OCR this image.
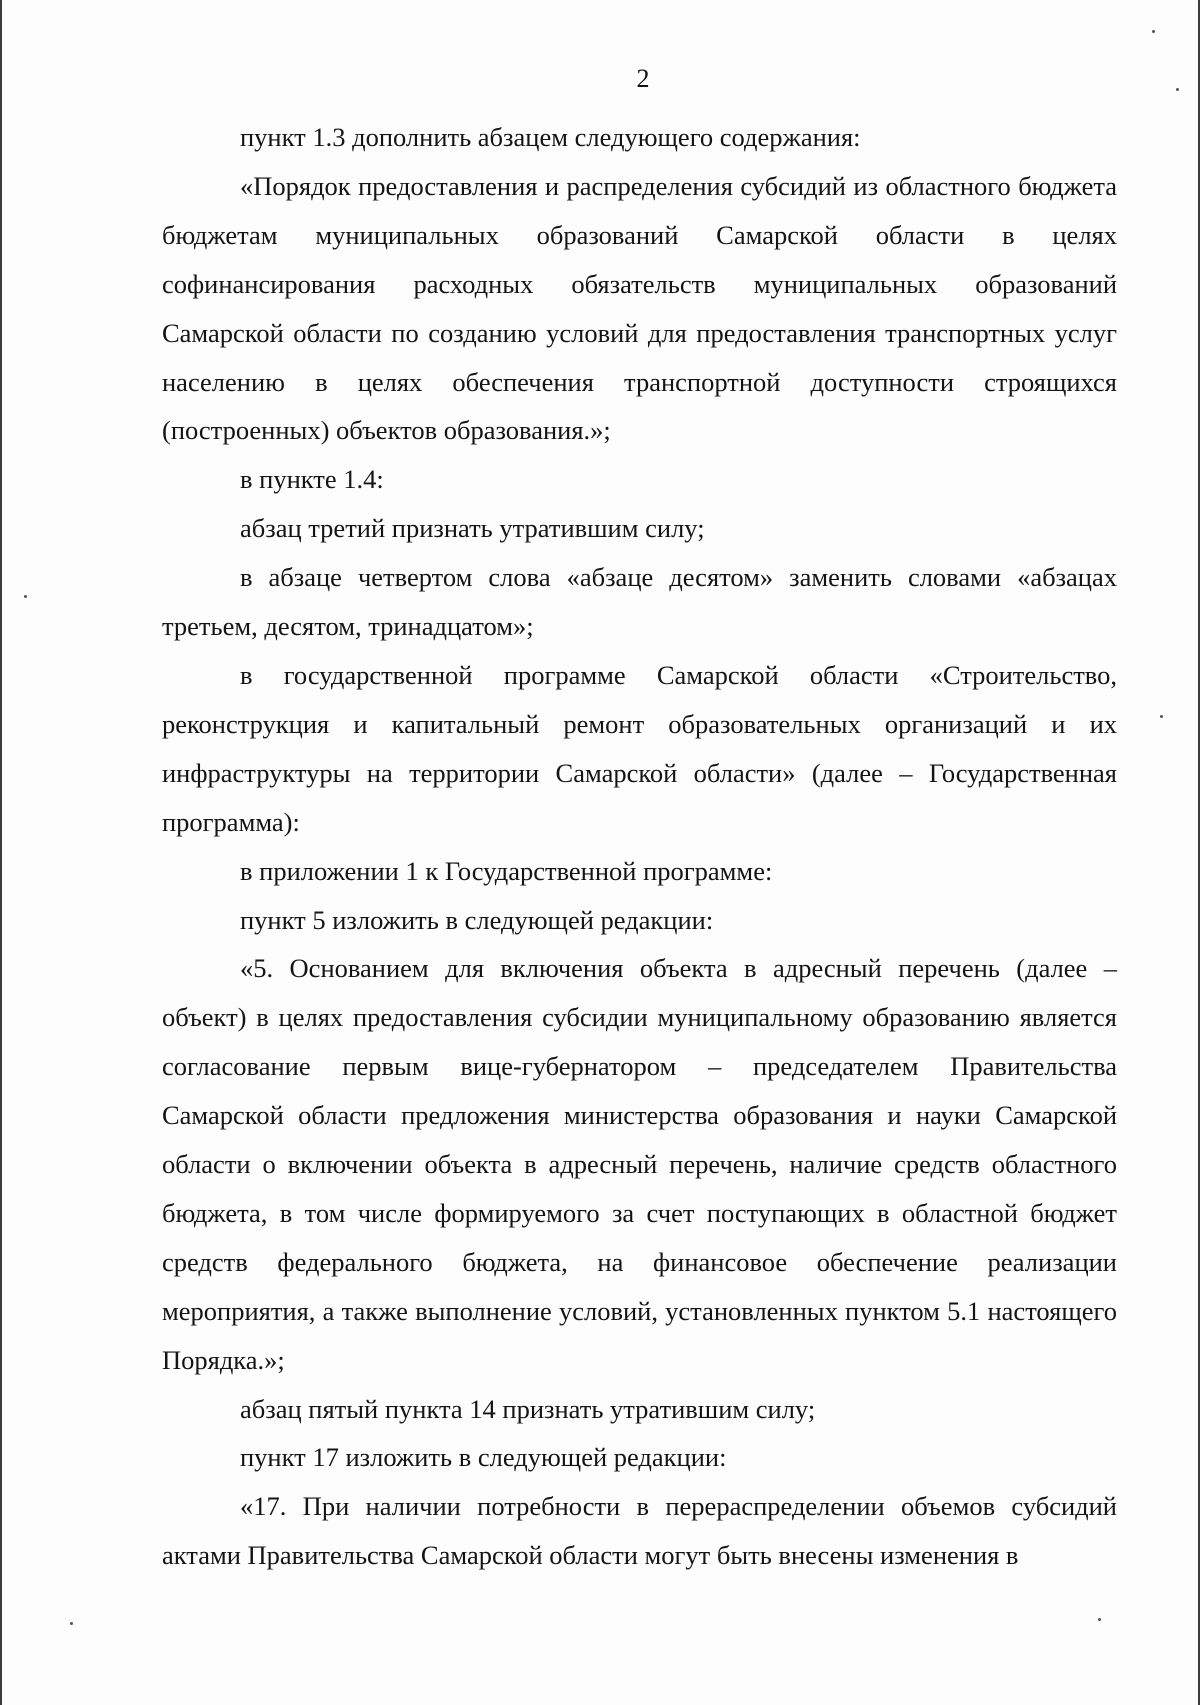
2

пункт 1.3 дополнить абзацем следующего содержания:

«Порядок предоставления и распределения субсидий из областного бюджета бюджетам муниципальных образований Самарской области в целях софинансирования расходных обязательств муниципальных образований Самарской области по созданию условий для предоставления транспортных услуг населению в целях обеспечения транспортной доступности строящихся (построенных) объектов образования.»;

в пункте 1.4:

абзац третий признать утратившим силу;

в абзаце четвертом слова «абзаце десятом» заменить словами «абзацах третьем, десятом, тринадцатом»;

в государственной программе Самарской области «Строительство, реконструкция и капитальный ремонт образовательных организаций и их инфраструктуры на территории Самарской области» (далее – Государственная программа):

в приложении 1 к Государственной программе:

пункт 5 изложить в следующей редакции:

«5. Основанием для включения объекта в адресный перечень (далее – объект) в целях предоставления субсидии муниципальному образованию является согласование первым вице-губернатором – председателем Правительства Самарской области предложения министерства образования и науки Самарской области о включении объекта в адресный перечень, наличие средств областного бюджета, в том числе формируемого за счет поступающих в областной бюджет средств федерального бюджета, на финансовое обеспечение реализации мероприятия, а также выполнение условий, установленных пунктом 5.1 настоящего Порядка.»;

абзац пятый пункта 14 признать утратившим силу;

пункт 17 изложить в следующей редакции:

«17. При наличии потребности в перераспределении объемов субсидий актами Правительства Самарской области могут быть внесены изменения в
